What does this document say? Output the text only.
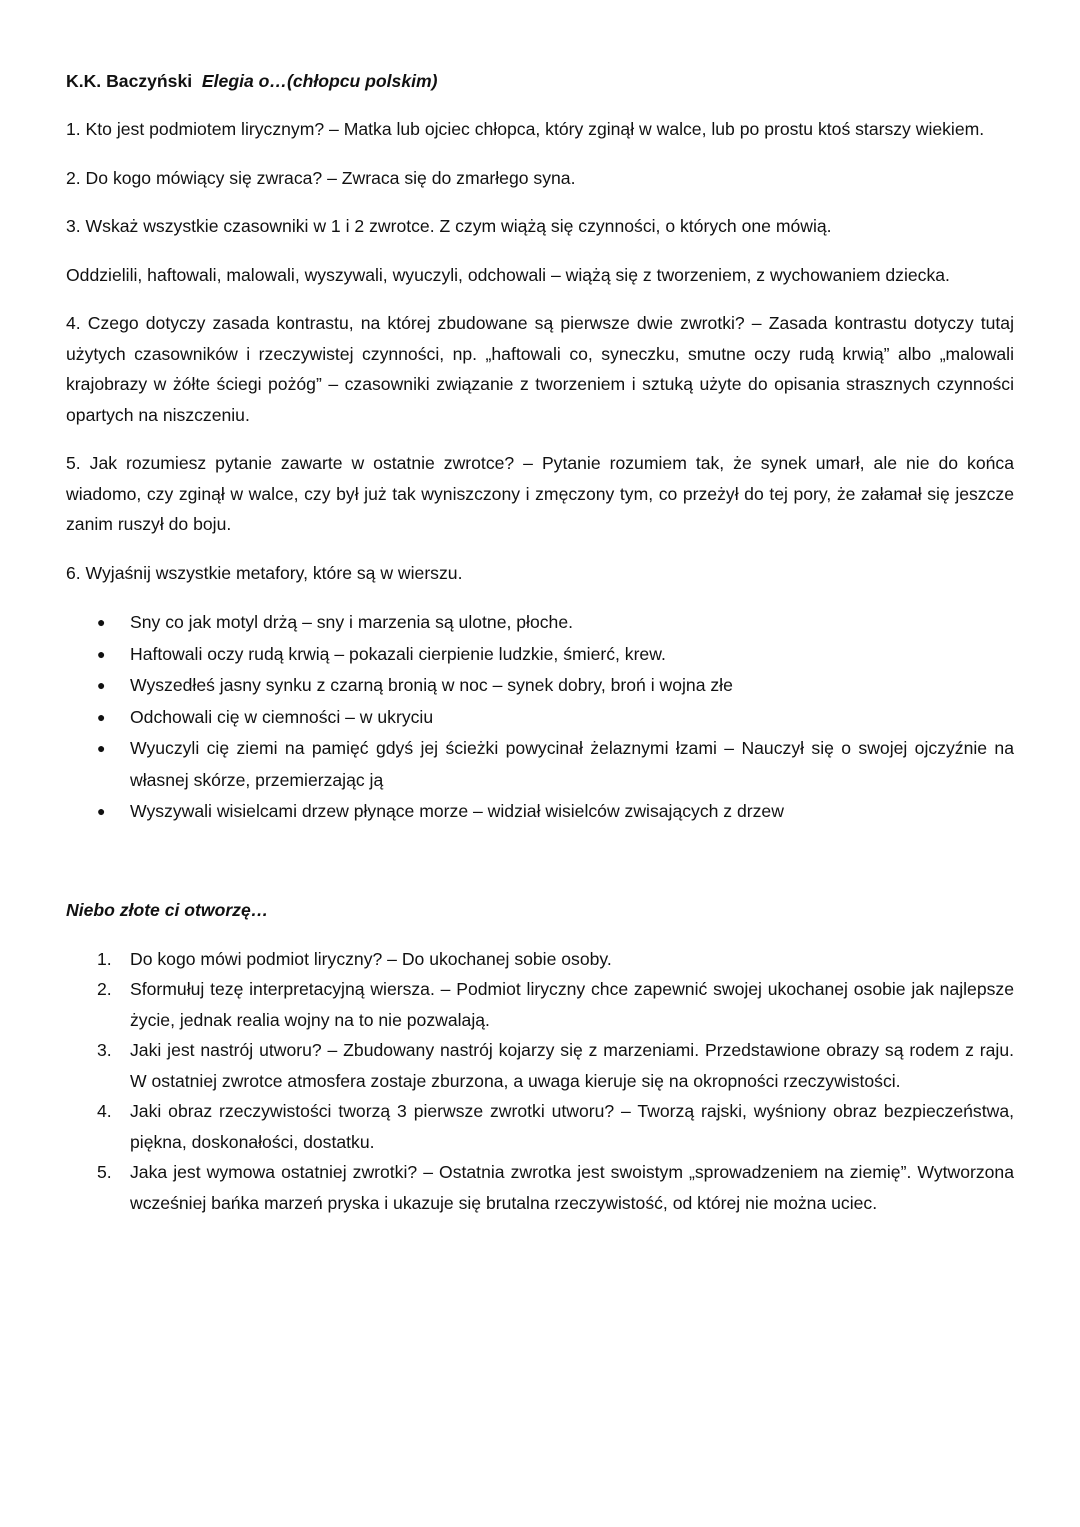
K.K. Baczyński Elegia o…(chłopcu polskim)

1. Kto jest podmiotem lirycznym? – Matka lub ojciec chłopca, który zginął w walce, lub po prostu ktoś starszy wiekiem.

2. Do kogo mówiący się zwraca? – Zwraca się do zmarłego syna.

3. Wskaż wszystkie czasowniki w 1 i 2 zwrotce. Z czym wiążą się czynności, o których one mówią.

Oddzielili, haftowali, malowali, wyszywali, wyuczyli, odchowali – wiążą się z tworzeniem, z wychowaniem dziecka.

4. Czego dotyczy zasada kontrastu, na której zbudowane są pierwsze dwie zwrotki? – Zasada kontrastu dotyczy tutaj użytych czasowników i rzeczywistej czynności, np. „haftowali co, syneczku, smutne oczy rudą krwią” albo „malowali krajobrazy w żółte ściegi pożóg” – czasowniki związanie z tworzeniem i sztuką użyte do opisania strasznych czynności opartych na niszczeniu.

5. Jak rozumiesz pytanie zawarte w ostatnie zwrotce? – Pytanie rozumiem tak, że synek umarł, ale nie do końca wiadomo, czy zginął w walce, czy był już tak wyniszczony i zmęczony tym, co przeżył do tej pory, że załamał się jeszcze zanim ruszył do boju.

6. Wyjaśnij wszystkie metafory, które są w wierszu.

● Sny co jak motyl drżą – sny i marzenia są ulotne, płoche.
● Haftowali oczy rudą krwią – pokazali cierpienie ludzkie, śmierć, krew.
● Wyszedłeś jasny synku z czarną bronią w noc – synek dobry, broń i wojna złe
● Odchowali cię w ciemności – w ukryciu
● Wyuczyli cię ziemi na pamięć gdyś jej ścieżki powycinał żelaznymi łzami – Nauczył się o swojej ojczyźnie na własnej skórze, przemierzając ją
● Wyszywali wisielcami drzew płynące morze – widział wisielców zwisających z drzew

Niebo złote ci otworzę…

1. Do kogo mówi podmiot liryczny? – Do ukochanej sobie osoby.
2. Sformułuj tezę interpretacyjną wiersza. – Podmiot liryczny chce zapewnić swojej ukochanej osobie jak najlepsze życie, jednak realia wojny na to nie pozwalają.
3. Jaki jest nastrój utworu? – Zbudowany nastrój kojarzy się z marzeniami. Przedstawione obrazy są rodem z raju. W ostatniej zwrotce atmosfera zostaje zburzona, a uwaga kieruje się na okropności rzeczywistości.
4. Jaki obraz rzeczywistości tworzą 3 pierwsze zwrotki utworu? – Tworzą rajski, wyśniony obraz bezpieczeństwa, piękna, doskonałości, dostatku.
5. Jaka jest wymowa ostatniej zwrotki? – Ostatnia zwrotka jest swoistym „sprowadzeniem na ziemię”. Wytworzona wcześniej bańka marzeń pryska i ukazuje się brutalna rzeczywistość, od której nie można uciec.
